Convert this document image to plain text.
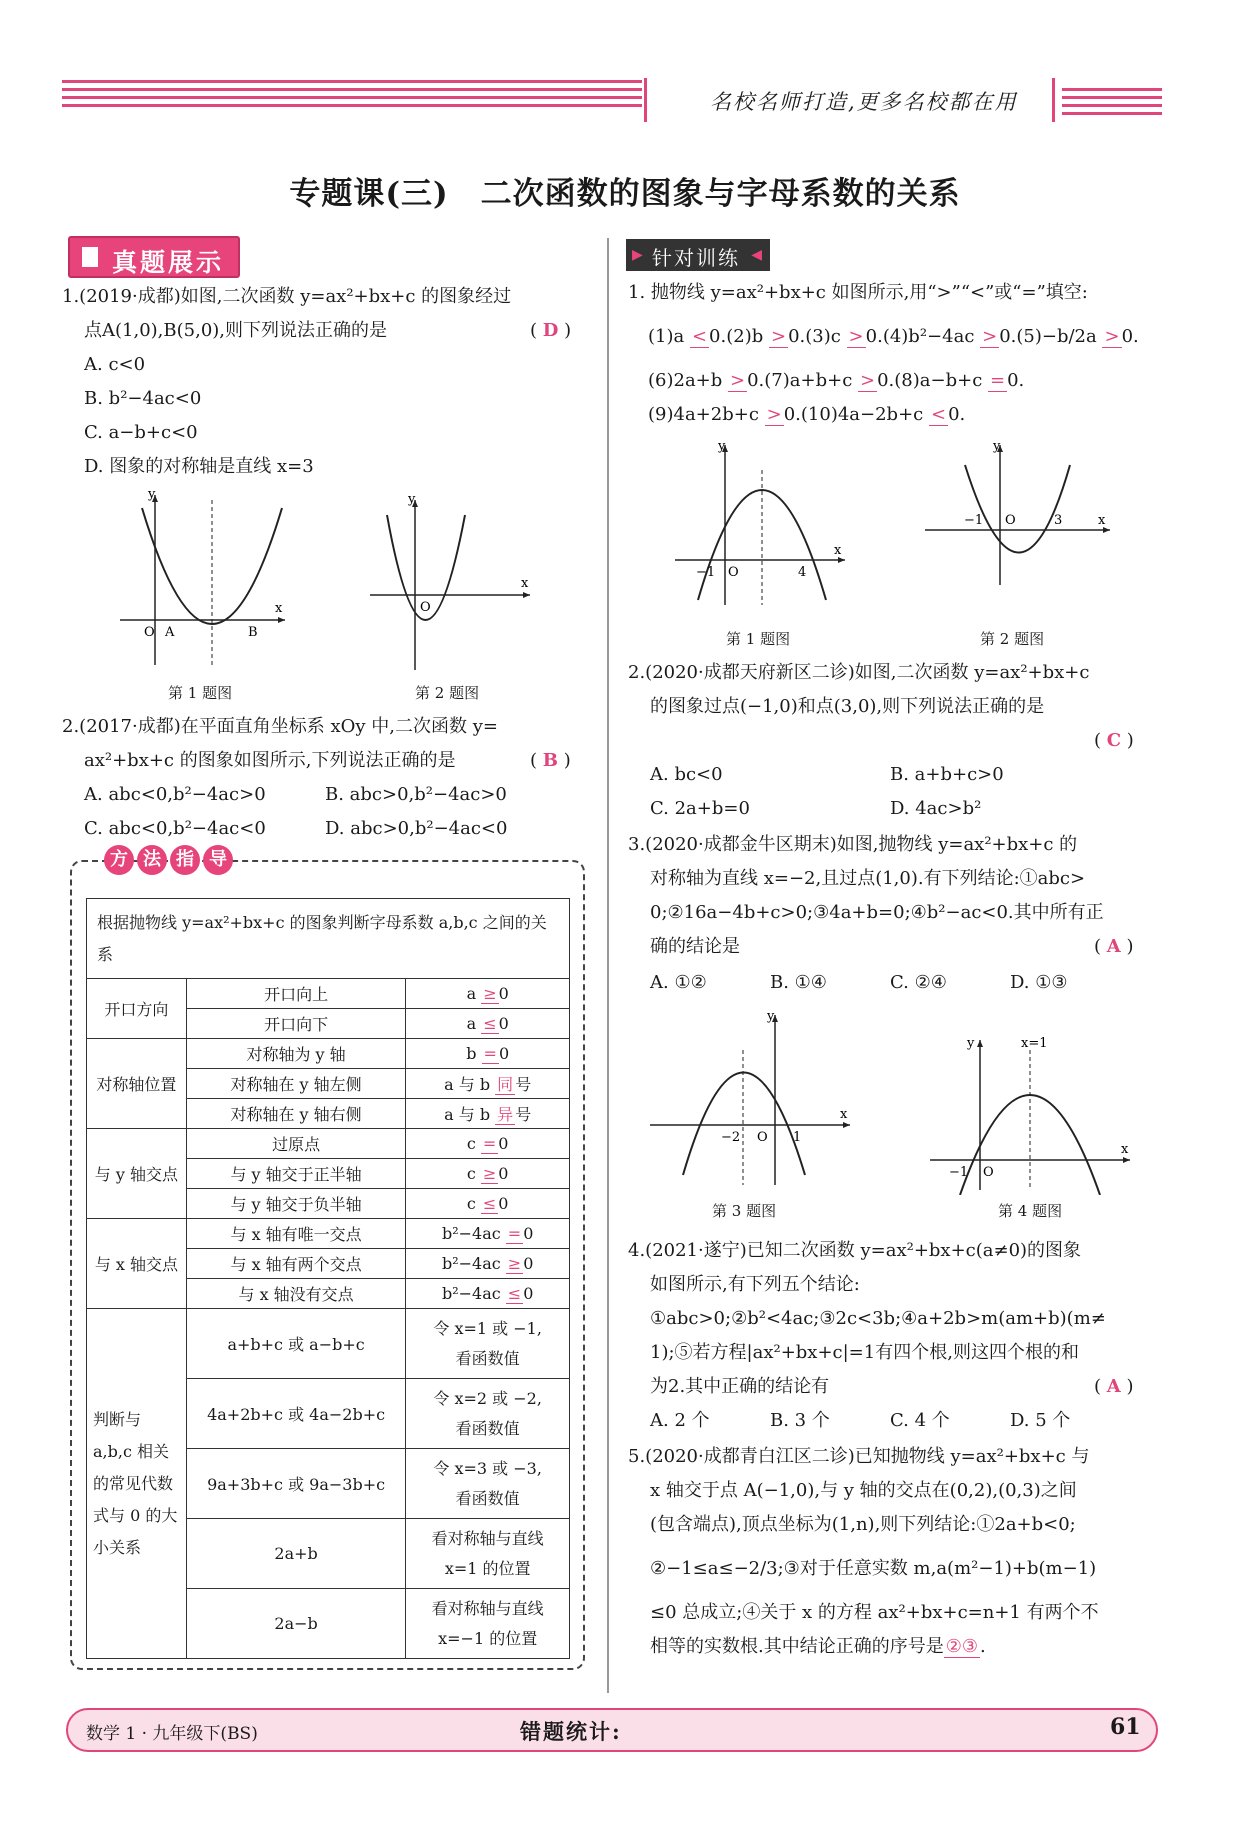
名校名师打造,更多名校都在用
专题课(三)　二次函数的图象与字母系数的关系
真题展示
1.(2019·成都)如图,二次函数 y=ax²+bx+c 的图象经过
点A(1,0),B(5,0),则下列说法正确的是	( D )
A. c<0
B. b²−4ac<0
C. a−b+c<0
D. 图象的对称轴是直线 x=3
y
x
O A	B
第 1 题图
y
x
O
第 2 题图
2.(2017·成都)在平面直角坐标系 xOy 中,二次函数 y=
ax²+bx+c 的图象如图所示,下列说法正确的是	( B )
A. abc<0,b²−4ac>0	B. abc>0,b²−4ac>0
C. abc<0,b²−4ac<0	D. abc>0,b²−4ac<0
方 法 指 导
根据抛物线 y=ax²+bx+c 的图象判断字母系数 a,b,c 之间的关系		
开口方向	开口向上	a ≥ 0
	开口向下	a ≤ 0
对称轴位置	对称轴为 y 轴	b = 0
	对称轴在 y 轴左侧	a 与 b 同 号
	对称轴在 y 轴右侧	a 与 b 异 号
与 y 轴交点	过原点	c = 0
	与 y 轴交于正半轴	c ≥ 0
	与 y 轴交于负半轴	c ≤ 0
与 x 轴交点	与 x 轴有唯一交点	b²−4ac = 0
	与 x 轴有两个交点	b²−4ac ≥ 0
	与 x 轴没有交点	b²−4ac ≤ 0
判断与 a,b,c 相关的常见代数式与 0 的大小关系	a+b+c 或 a−b+c	令 x=1 或 −1,
看函数值

	4a+2b+c 或 4a−2b+c	令 x=2 或 −2,
看函数值

	9a+3b+c 或 9a−3b+c	令 x=3 或 −3,
看函数值

	2a+b	看对称轴与直线
x=1 的位置

	2a−b	看对称轴与直线
x=−1 的位置
▶ 针对训练 ◀
1. 抛物线 y=ax²+bx+c 如图所示,用“>”“<”或“=”填空:
(1)a < 0.(2)b > 0.(3)c > 0.(4)b²−4ac > 0.(5)−b/2a > 0.
(6)2a+b > 0.(7)a+b+c > 0.(8)a−b+c = 0.
(9)4a+2b+c > 0.(10)4a−2b+c < 0.
y
x
−1 O	4
第 1 题图
y
x
−1 O	3
第 2 题图
2.(2020·成都天府新区二诊)如图,二次函数 y=ax²+bx+c
的图象过点(−1,0)和点(3,0),则下列说法正确的是
( C )
A. bc<0	B. a+b+c>0
C. 2a+b=0	D. 4ac>b²
3.(2020·成都金牛区期末)如图,抛物线 y=ax²+bx+c 的
对称轴为直线 x=−2,且过点(1,0).有下列结论:①abc>
0;②16a−4b+c>0;③4a+b=0;④b²−ac<0.其中所有正
确的结论是	( A )
A. ①②	B. ①④	C. ②④	D. ①③
y
x
−2 O 1
第 3 题图
y	x=1
x
−1 O
第 4 题图
4.(2021·遂宁)已知二次函数 y=ax²+bx+c(a≠0)的图象
如图所示,有下列五个结论:
①abc>0;②b²<4ac;③2c<3b;④a+2b>m(am+b)(m≠
1);⑤若方程|ax²+bx+c|=1有四个根,则这四个根的和
为2.其中正确的结论有	( A )
A. 2 个	B. 3 个	C. 4 个	D. 5 个
5.(2020·成都青白江区二诊)已知抛物线 y=ax²+bx+c 与
x 轴交于点 A(−1,0),与 y 轴的交点在(0,2),(0,3)之间
(包含端点),顶点坐标为(1,n),则下列结论:①2a+b<0;
②−1≤a≤−2/3;③对于任意实数 m,a(m²−1)+b(m−1)
≤0 总成立;④关于 x 的方程 ax²+bx+c=n+1 有两个不
相等的实数根.其中结论正确的序号是 ②③ .
数学 1 · 九年级下(BS)	错题统计:	61
